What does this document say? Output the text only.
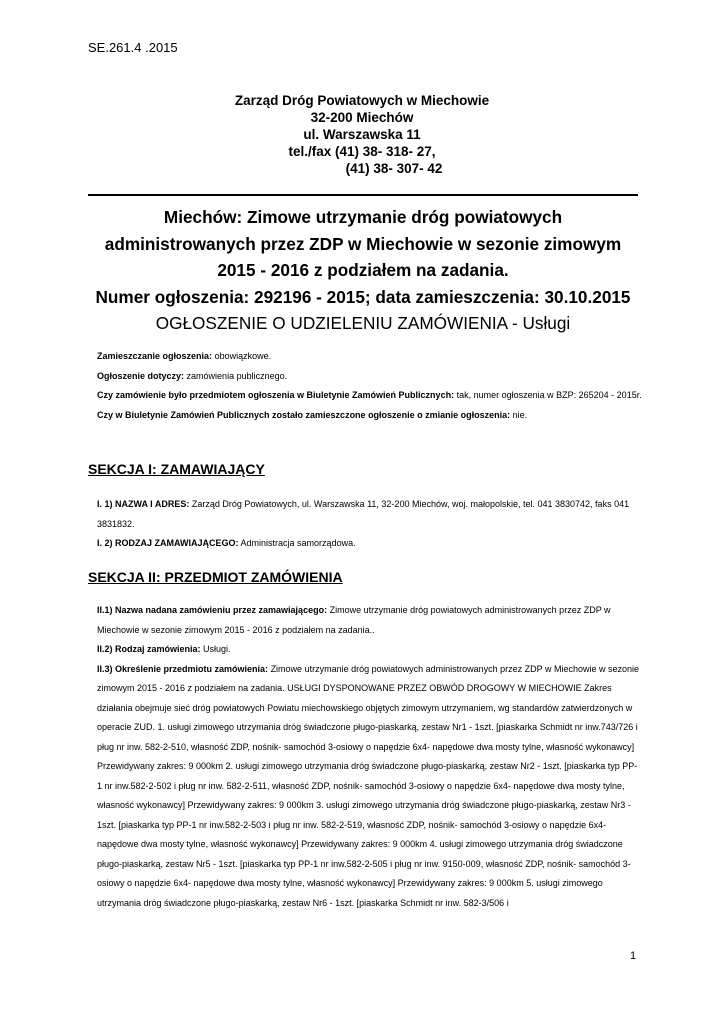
SE.261.4 .2015
Zarząd Dróg Powiatowych w Miechowie
32-200 Miechów
ul. Warszawska 11
tel./fax (41) 38- 318- 27,
(41) 38- 307- 42
Miechów: Zimowe utrzymanie dróg powiatowych
administrowanych przez ZDP w Miechowie w sezonie zimowym
2015 - 2016 z podziałem na zadania.
Numer ogłoszenia: 292196 - 2015; data zamieszczenia: 30.10.2015
OGŁOSZENIE O UDZIELENIU ZAMÓWIENIA - Usługi

Zamieszczanie ogłoszenia: obowiązkowe.

Ogłoszenie dotyczy: zamówienia publicznego.

Czy zamówienie było przedmiotem ogłoszenia w Biuletynie Zamówień Publicznych: tak, numer ogłoszenia w BZP: 265204 - 2015r.

Czy w Biuletynie Zamówień Publicznych zostało zamieszczone ogłoszenie o zmianie ogłoszenia: nie.

SEKCJA I: ZAMAWIAJĄCY

I. 1) NAZWA I ADRES: Zarząd Dróg Powiatowych, ul. Warszawska 11, 32-200 Miechów, woj. małopolskie, tel. 041 3830742, faks 041 3831832.

I. 2) RODZAJ ZAMAWIAJĄCEGO: Administracja samorządowa.

SEKCJA II: PRZEDMIOT ZAMÓWIENIA

II.1) Nazwa nadana zamówieniu przez zamawiającego: Zimowe utrzymanie dróg powiatowych administrowanych przez ZDP w Miechowie w sezonie zimowym 2015 - 2016 z podziałem na zadania..

II.2) Rodzaj zamówienia: Usługi.

II.3) Określenie przedmiotu zamówienia: Zimowe utrzymanie dróg powiatowych administrowanych przez ZDP w Miechowie w sezonie zimowym 2015 - 2016 z podziałem na zadania. USŁUGI DYSPONOWANE PRZEZ OBWÓD DROGOWY W MIECHOWIE Zakres działania obejmuje sieć dróg powiatowych Powiatu miechowskiego objętych zimowym utrzymaniem, wg standardów zatwierdzonych w operacie ZUD. 1. usługi zimowego utrzymania dróg świadczone pługo-piaskarką, zestaw Nr1 - 1szt. [piaskarka Schmidt nr inw.743/726 i pług nr inw. 582-2-510, własność ZDP, nośnik- samochód 3-osiowy o napędzie 6x4- napędowe dwa mosty tylne, własność wykonawcy] Przewidywany zakres: 9 000km 2. usługi zimowego utrzymania dróg świadczone pługo-piaskarką, zestaw Nr2 - 1szt. [piaskarka typ PP-1 nr inw.582-2-502 i pług nr inw. 582-2-511, własność ZDP, nośnik- samochód 3-osiowy o napędzie 6x4- napędowe dwa mosty tylne, własność wykonawcy] Przewidywany zakres: 9 000km 3. usługi zimowego utrzymania dróg świadczone pługo-piaskarką, zestaw Nr3 - 1szt. [piaskarka typ PP-1 nr inw.582-2-503 i pług nr inw. 582-2-519, własność ZDP, nośnik- samochód 3-osiowy o napędzie 6x4- napędowe dwa mosty tylne, własność wykonawcy] Przewidywany zakres: 9 000km 4. usługi zimowego utrzymania dróg świadczone pługo-piaskarką, zestaw Nr5 - 1szt. [piaskarka typ PP-1 nr inw.582-2-505 i pług nr inw. 9150-009, własność ZDP, nośnik- samochód 3-osiowy o napędzie 6x4- napędowe dwa mosty tylne, własność wykonawcy] Przewidywany zakres: 9 000km 5. usługi zimowego utrzymania dróg świadczone pługo-piaskarką, zestaw Nr6 - 1szt. [piaskarka Schmidt nr inw. 582-3/506 i

1
